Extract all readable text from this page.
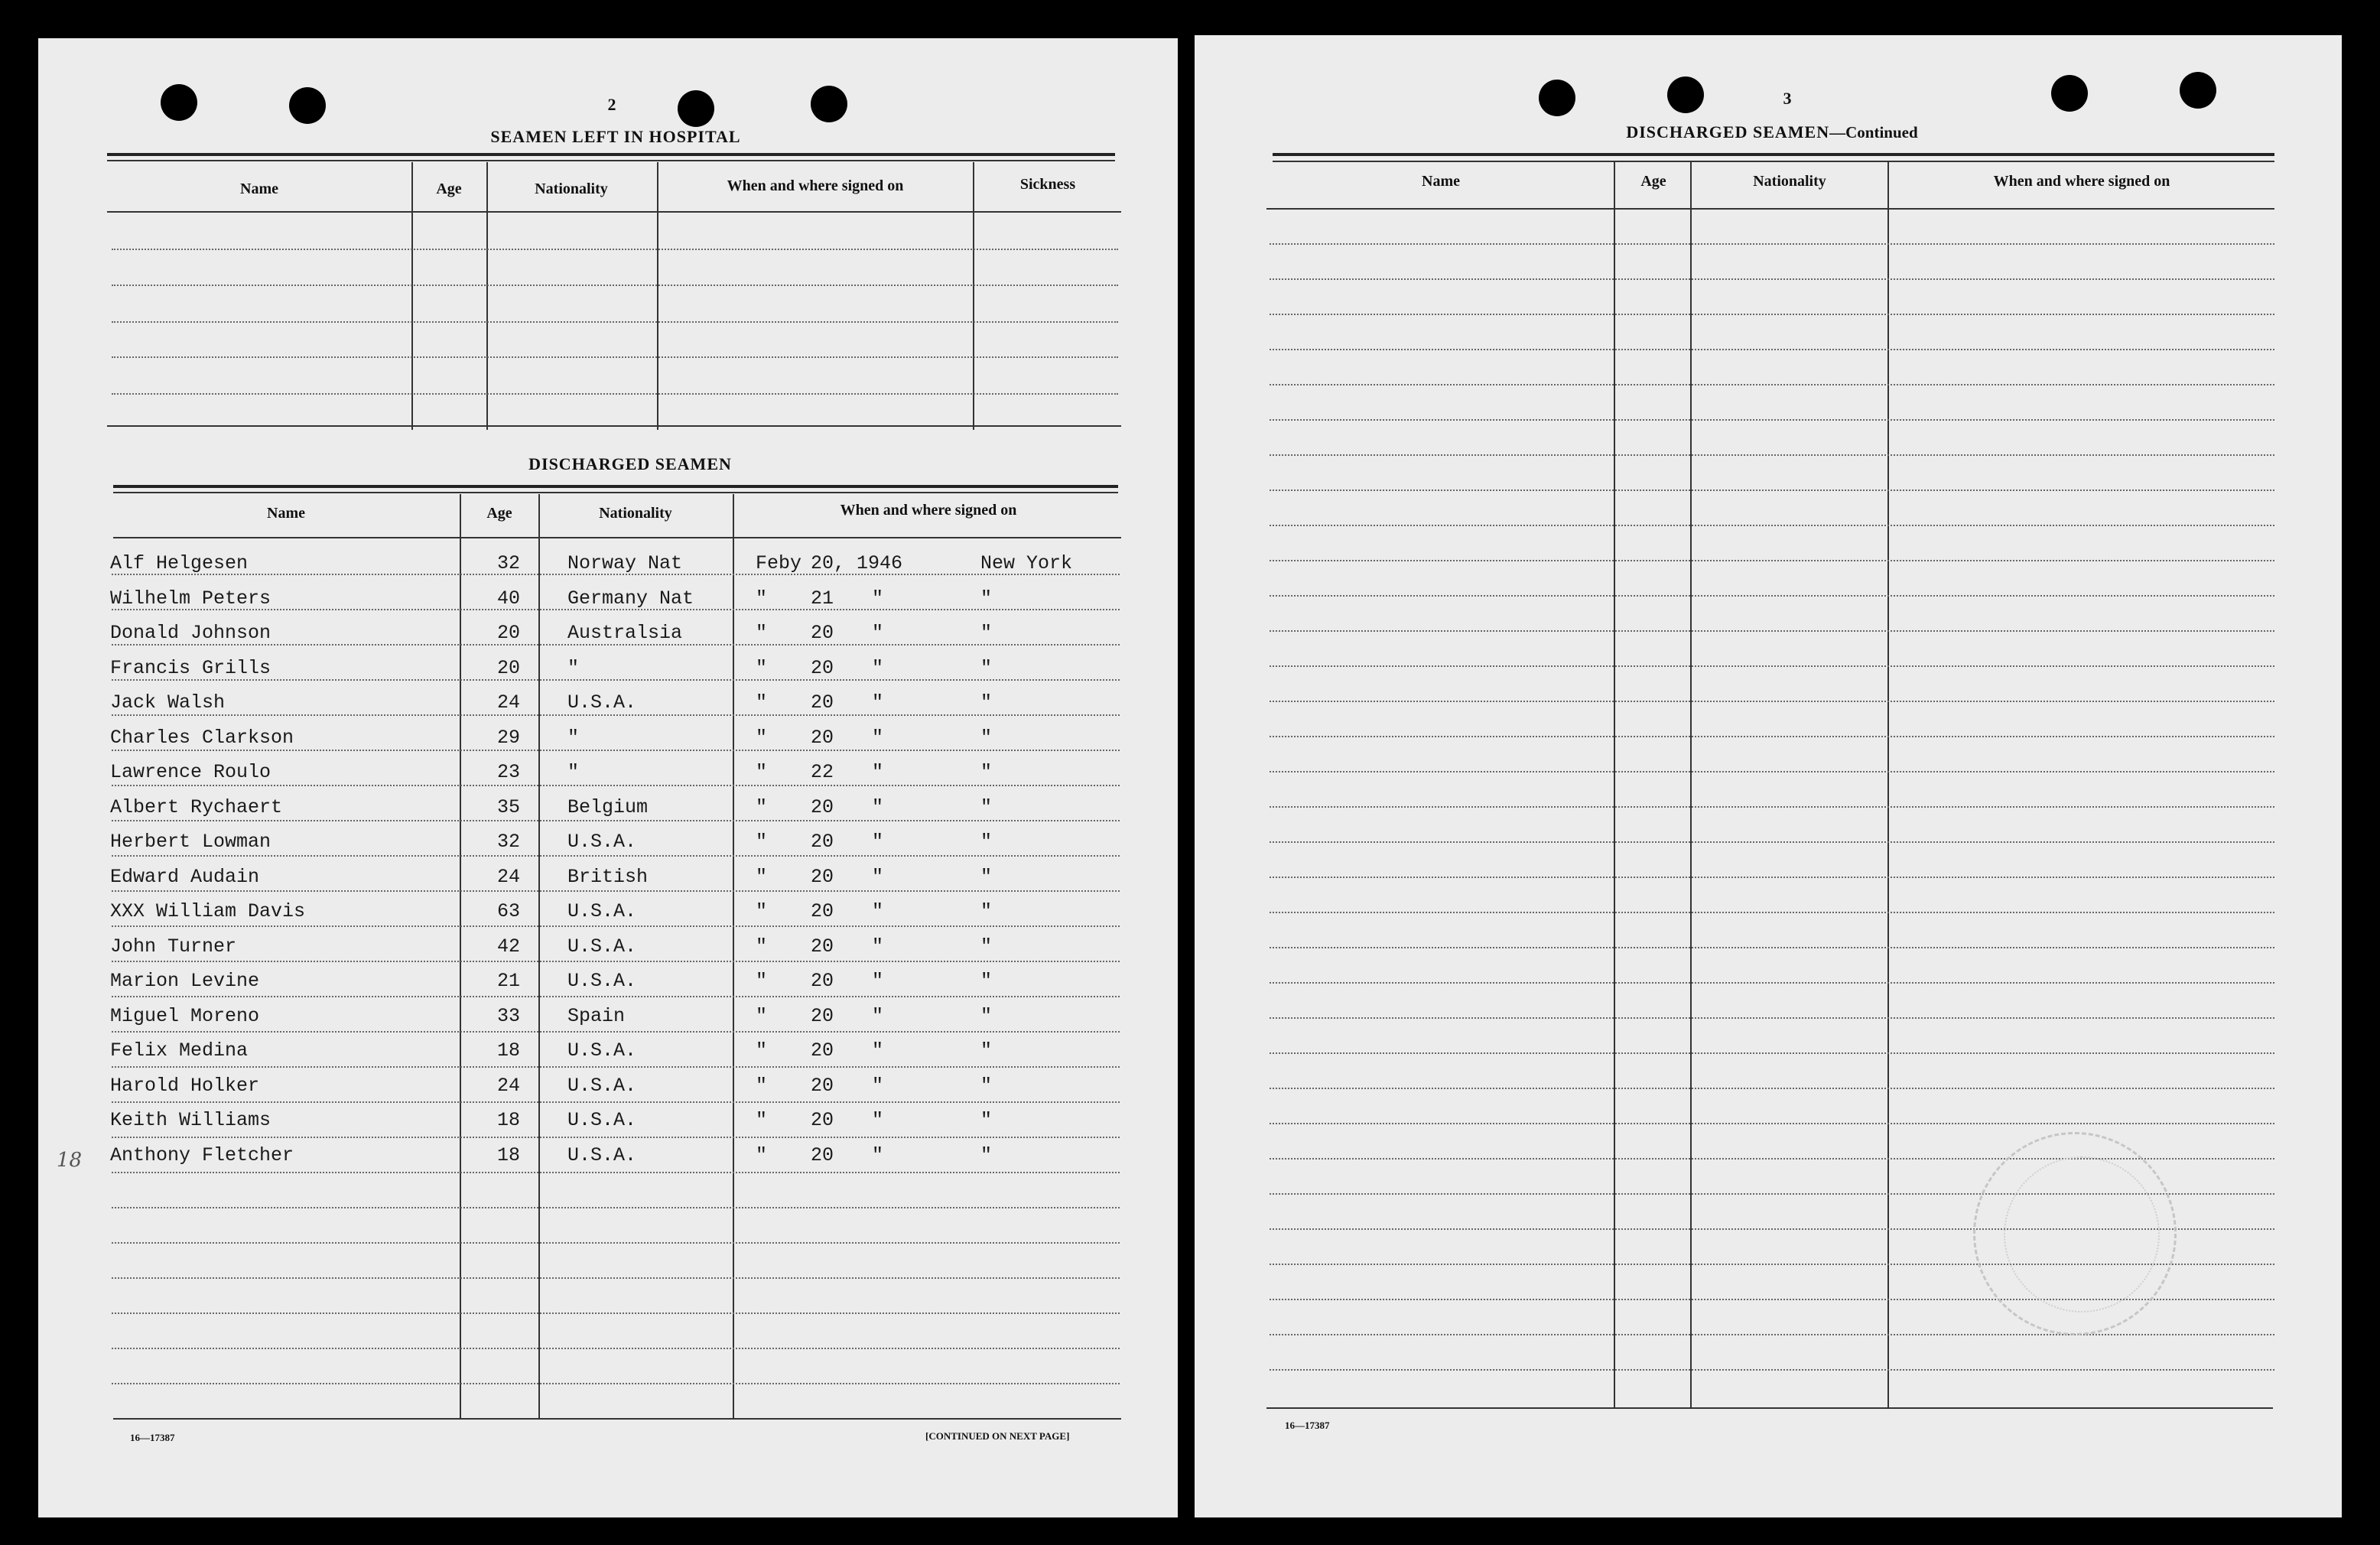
2
SEAMEN LEFT IN HOSPITAL
Name	Age	Nationality	When and where signed on	Sickness
DISCHARGED SEAMEN
Name	Age	Nationality	When and where signed on
Alf Helgesen	32 Norway Nat	Feby 20, 1946	New York
Wilhelm Peters	40 Germany Nat	" 21 "	"
Donald Johnson	20 Australsia	" 20 "	"
Francis Grills	20 "	" 20 "	"
Jack Walsh	24 U.S.A.	" 20 "	"
Charles Clarkson	29 "	" 20 "	"
Lawrence Roulo	23 "	" 22 "	"
Albert Rychaert	35 Belgium	" 20 "	"
Herbert Lowman	32 U.S.A.	" 20 "	"
Edward Audain	24 British	" 20 "	"
XXX William Davis	63 U.S.A.	" 20 "	"
John Turner	42 U.S.A.	" 20 "	"
Marion Levine	21 U.S.A.	" 20 "	"
Miguel Moreno	33 Spain	" 20 "	"
Felix Medina	18 U.S.A.	" 20 "	"
Harold Holker	24 U.S.A.	" 20 "	"
Keith Williams	18 U.S.A.	" 20 "	"
Anthony Fletcher	18 U.S.A.	" 20 "	"
18
16—17387	[CONTINUED ON NEXT PAGE]
3
DISCHARGED SEAMEN—Continued
Name	Age	Nationality	When and where signed on
16—17387
